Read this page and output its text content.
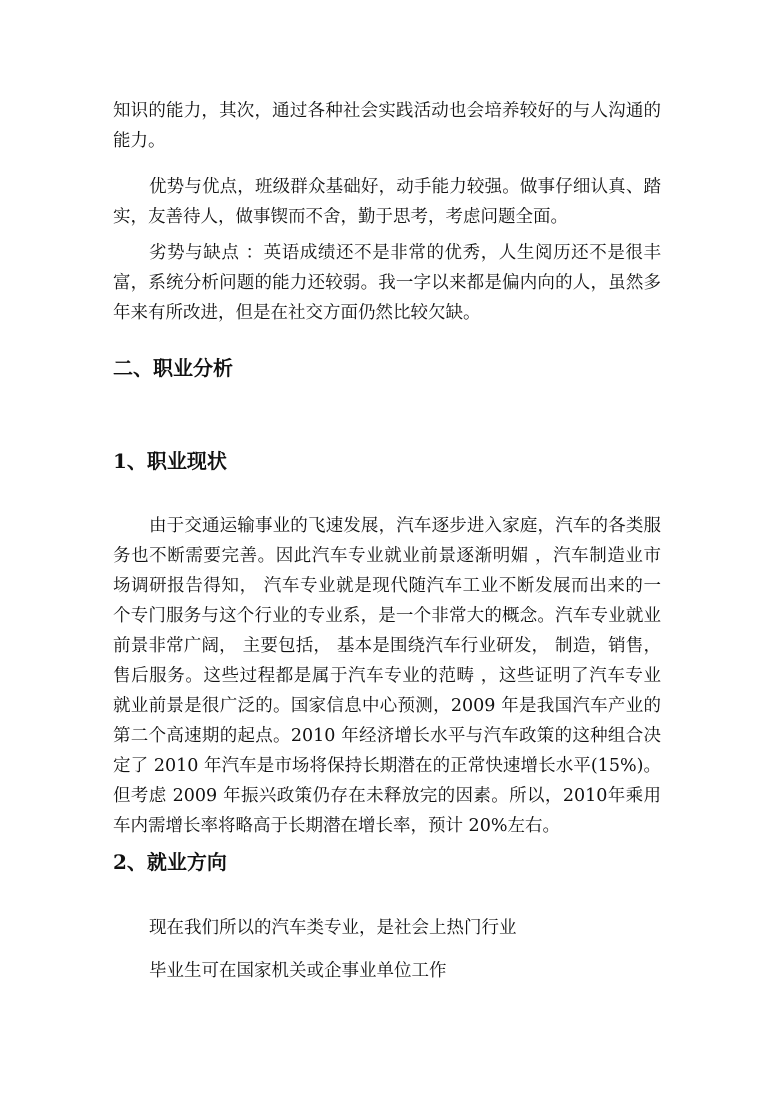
知识的能力，其次，通过各种社会实践活动也会培养较好的与人沟通的能力。

优势与优点，班级群众基础好，动手能力较强。做事仔细认真、踏实，友善待人，做事锲而不舍，勤于思考，考虑问题全面。

劣势与缺点 ：英语成绩还不是非常的优秀，人生阅历还不是很丰富，系统分析问题的能力还较弱。我一字以来都是偏内向的人，虽然多年来有所改进，但是在社交方面仍然比较欠缺。

二、职业分析
1、职业现状

由于交通运输事业的飞速发展，汽车逐步进入家庭，汽车的各类服务也不断需要完善。因此汽车专业就业前景逐渐明媚 ，汽车制造业市场调研报告得知， 汽车专业就是现代随汽车工业不断发展而出来的一个专门服务与这个行业的专业系，是一个非常大的概念。汽车专业就业前景非常广阔， 主要包括， 基本是围绕汽车行业研发， 制造，销售， 售后服务。这些过程都是属于汽车专业的范畴 ，这些证明了汽车专业就业前景是很广泛的。国家信息中心预测，2009 年是我国汽车产业的第二个高速期的起点。2010 年经济增长水平与汽车政策的这种组合决定了 2010 年汽车是市场将保持长期潜在的正常快速增长水平(15%)。但考虑 2009 年振兴政策仍存在未释放完的因素。所以，2010年乘用车内需增长率将略高于长期潜在增长率，预计 20%左右。

2、就业方向

现在我们所以的汽车类专业，是社会上热门行业

毕业生可在国家机关或企事业单位工作
